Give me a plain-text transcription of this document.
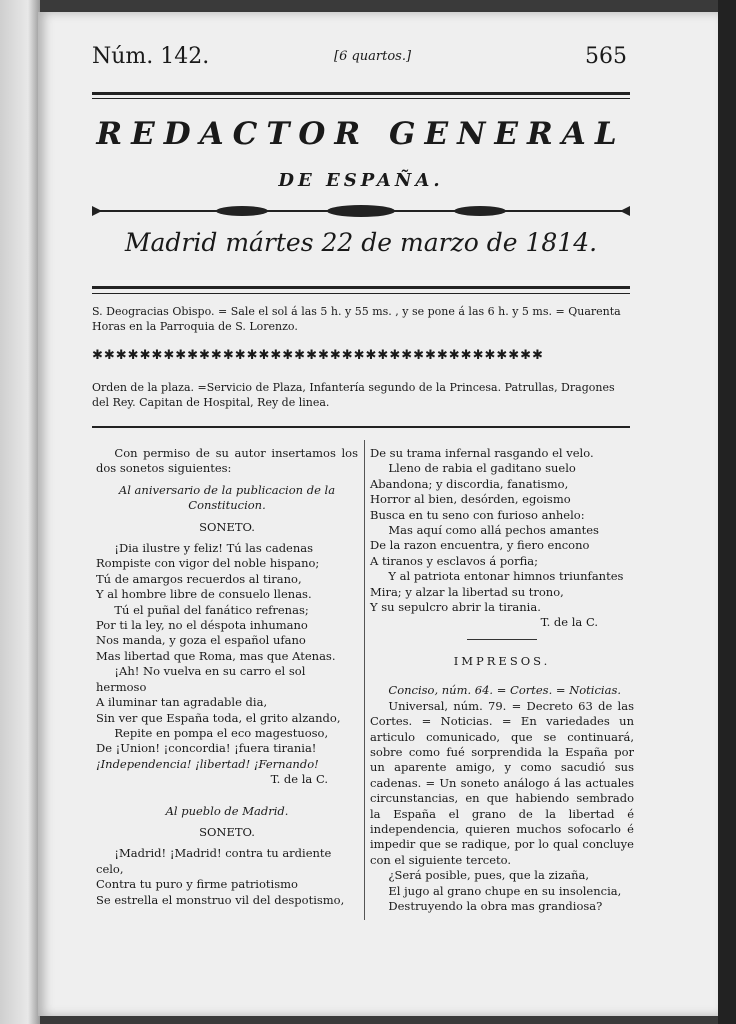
Núm. 142.	[6 quartos.]	565
REDACTOR GENERAL
DE ESPAÑA.
Madrid mártes 22 de marzo de 1814.
S. Deogracias Obispo. = Sale el sol á las 5 h. y 55 ms. , y se pone á las 6 h. y 5 ms. = Quarenta Horas en la Parroquia de S. Lorenzo.
✱✱✱✱✱✱✱✱✱✱✱✱✱✱✱✱✱✱✱✱✱✱✱✱✱✱✱✱✱✱✱✱✱✱✱✱✱✱
Orden de la plaza. =Servicio de Plaza, Infantería segundo de la Princesa. Patrullas, Dragones del Rey. Capitan de Hospital, Rey de linea.

Con permiso de su autor insertamos los dos sonetos siguientes:

Al aniversario de la publicacion de la Constitucion.

SONETO.

¡Dia ilustre y feliz! Tú las cadenas
Rompiste con vigor del noble hispano;
Tú de amargos recuerdos al tirano,
Y al hombre libre de consuelo llenas.
Tú el puñal del fanático refrenas;
Por ti la ley, no el déspota inhumano
Nos manda, y goza el español ufano
Mas libertad que Roma, mas que Atenas.
¡Ah! No vuelva en su carro el sol hermoso
A iluminar tan agradable dia,
Sin ver que España toda, el grito alzando,
Repite en pompa el eco magestuoso,
De ¡Union! ¡concordia! ¡fuera tirania!
¡Independencia! ¡libertad! ¡Fernando!

T. de la C.

Al pueblo de Madrid.

SONETO.

¡Madrid! ¡Madrid! contra tu ardiente celo,
Contra tu puro y firme patriotismo
Se estrella el monstruo vil del despotismo,
De su trama infernal rasgando el velo.
Lleno de rabia el gaditano suelo
Abandona; y discordia, fanatismo,
Horror al bien, desórden, egoismo
Busca en tu seno con furioso anhelo:
Mas aquí como allá pechos amantes
De la razon encuentra, y fiero encono
A tiranos y esclavos á porfia;
Y al patriota entonar himnos triunfantes
Mira; y alzar la libertad su trono,
Y su sepulcro abrir la tirania.

T. de la C.

IMPRESOS.

Conciso, núm. 64. = Cortes. = Noticias.

Universal, núm. 79. = Decreto 63 de las Cortes. = Noticias. = En variedades un articulo comunicado, que se continuará, sobre como fué sorprendida la España por un aparente amigo, y como sacudió sus cadenas. = Un soneto análogo á las actuales circunstancias, en que habiendo sembrado la España el grano de la libertad é independencia, quieren muchos sofocarlo é impedir que se radique, por lo qual concluye con el siguiente terceto.

¿Será posible, pues, que la zizaña,
El jugo al grano chupe en su insolencia,
Destruyendo la obra mas grandiosa?
